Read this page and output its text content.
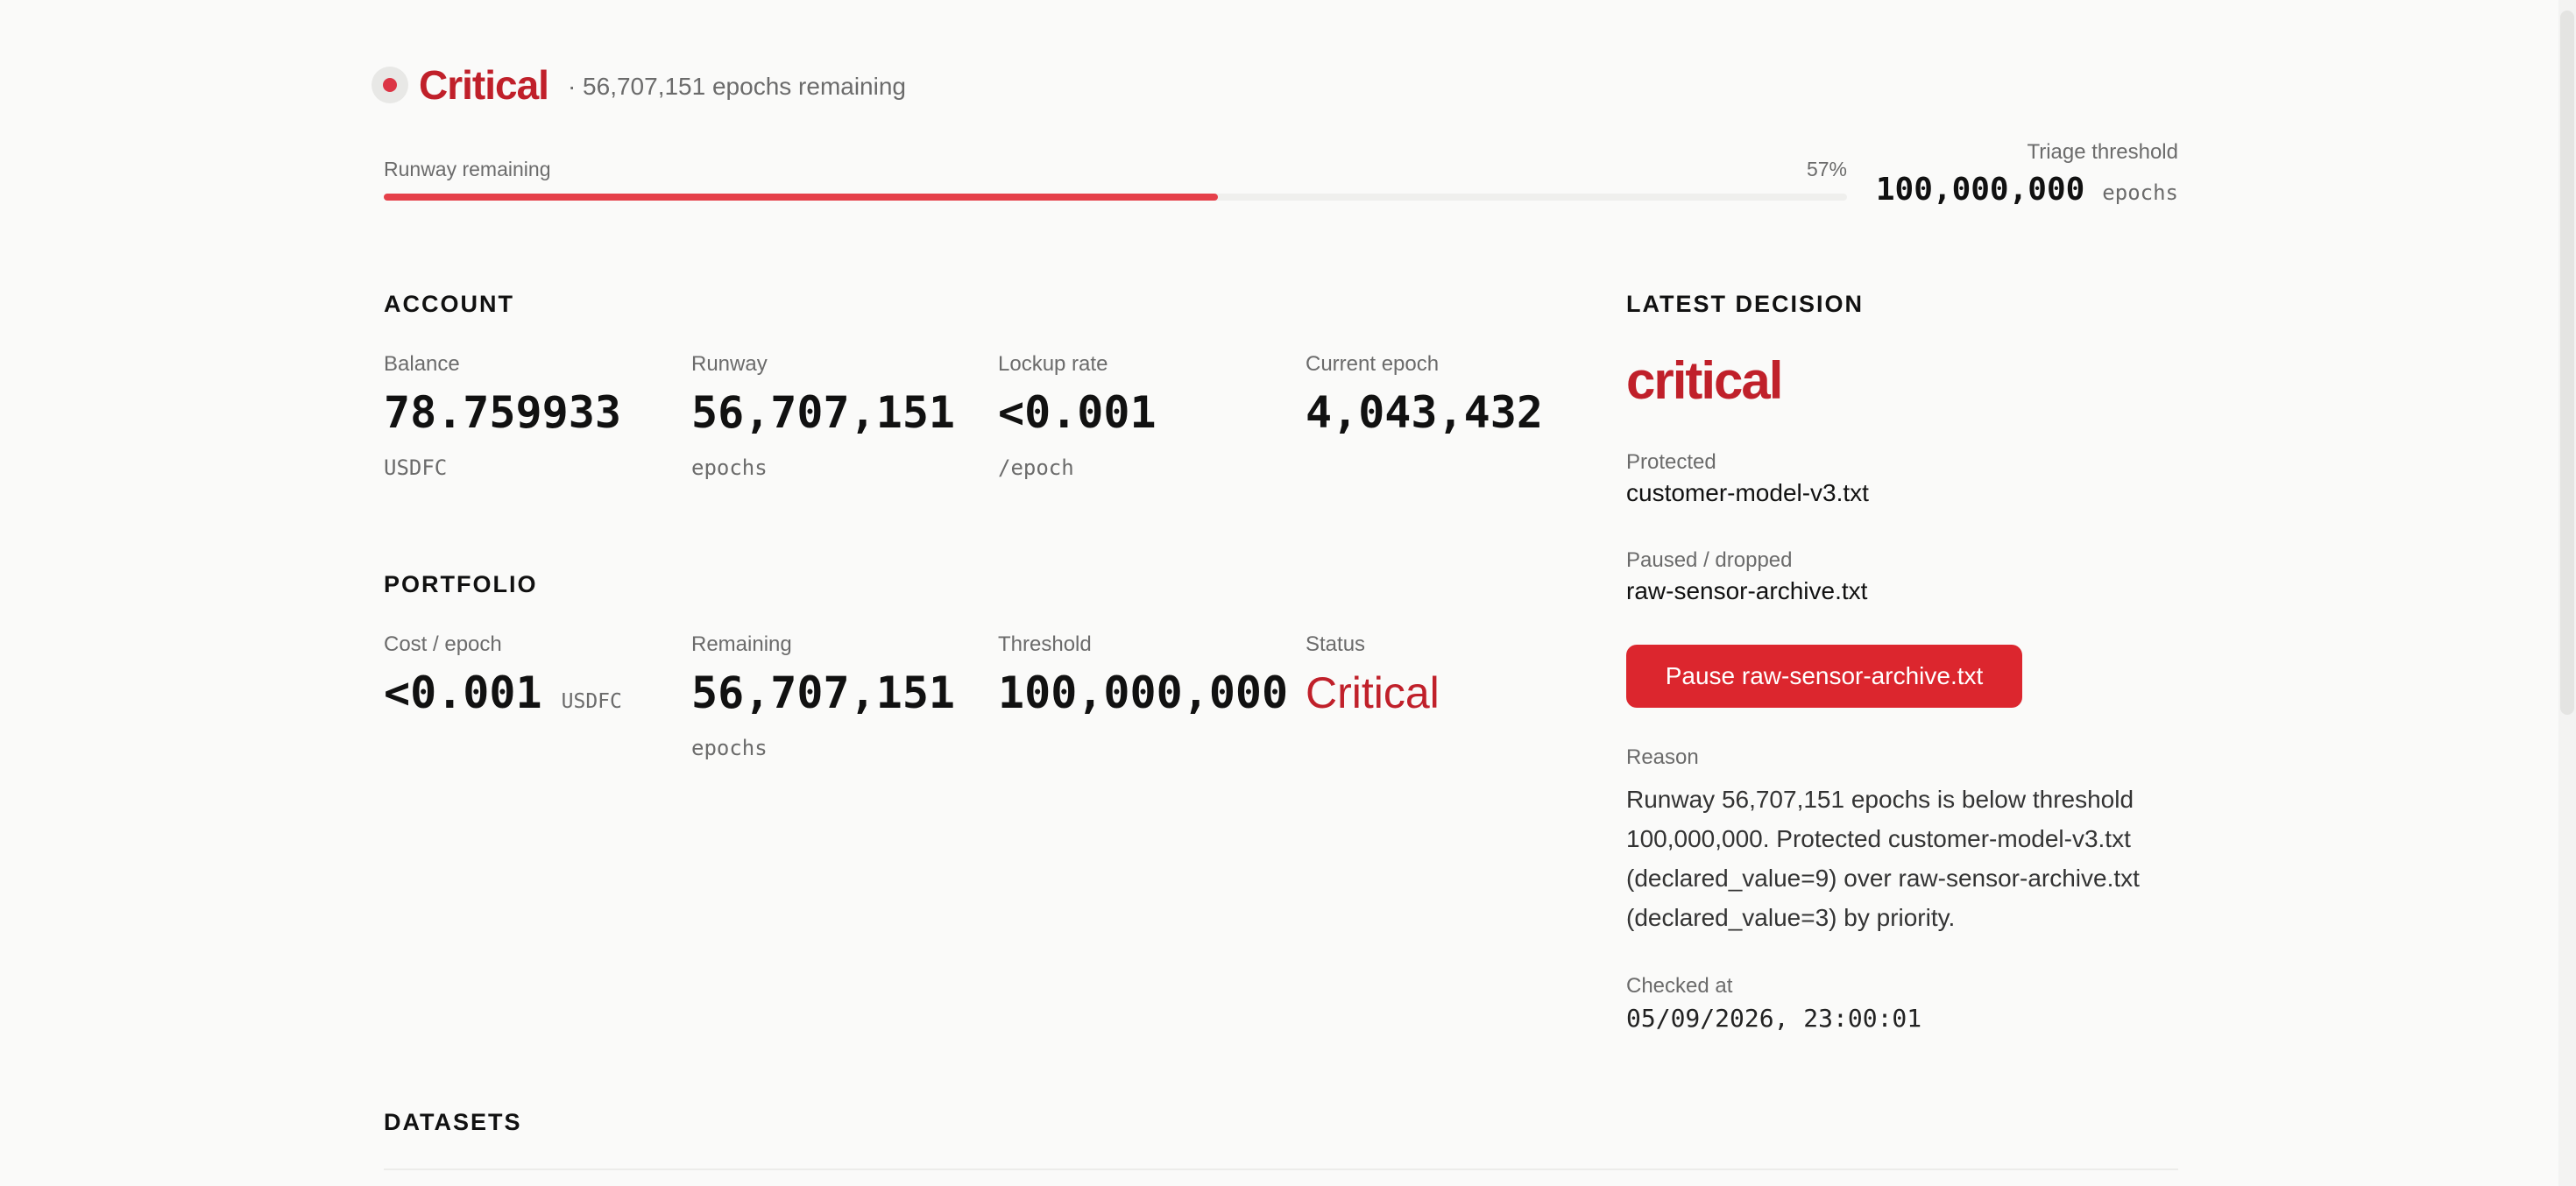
Critical · 56,707,151 epochs remaining
Runway remaining	57%
Triage threshold
100,000,000 epochs
ACCOUNT
Balance
78.759933
USDFC
Runway
56,707,151
epochs
Lockup rate
<0.001
/epoch
Current epoch
4,043,432
PORTFOLIO
Cost / epoch
<0.001 USDFC
Remaining
56,707,151
epochs
Threshold
100,000,000
Status
Critical
LATEST DECISION
critical
Protected
customer-model-v3.txt
Paused / dropped
raw-sensor-archive.txt
Pause raw-sensor-archive.txt
Reason
Runway 56,707,151 epochs is below threshold 100,000,000. Protected customer-model-v3.txt (declared_value=9) over raw-sensor-archive.txt (declared_value=3) by priority.
Checked at
05/09/2026, 23:00:01
DATASETS
